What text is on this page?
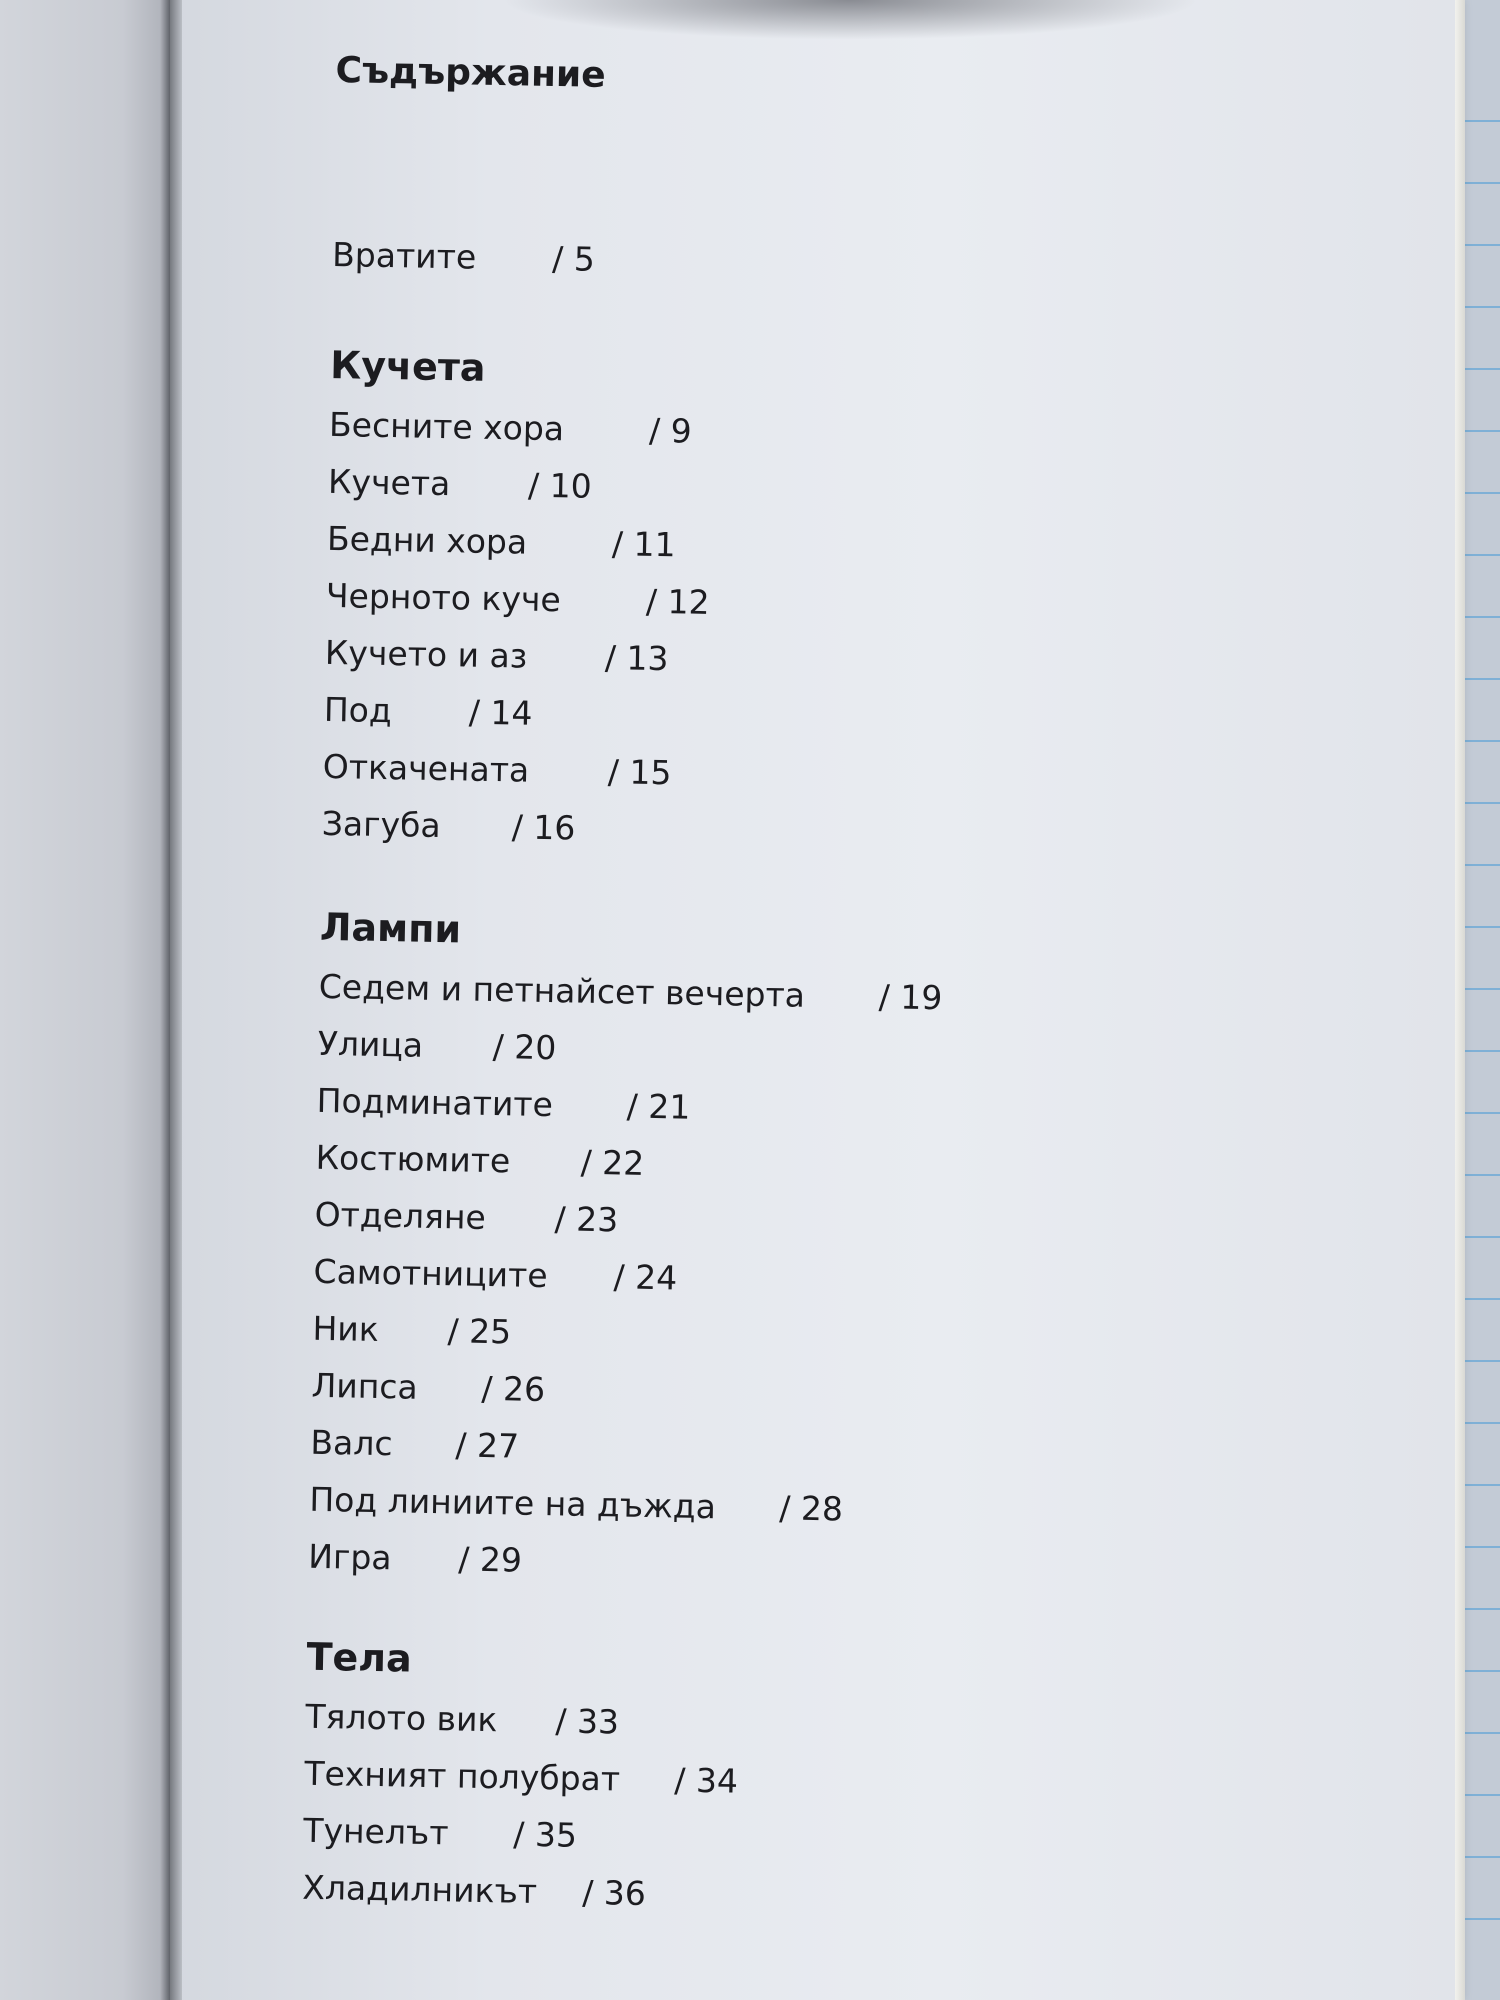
Съдържание
Вратите / 5
Кучета
Бесните хора	/ 9
Кучета / 10
Бедни хора	/ 11
Черното куче	/ 12
Кучето и аз / 13
Под / 14
Откачената / 15
Загуба / 16
Лампи
Седем и петнайсет вечерта / 19
Улица / 20
Подминатите / 21
Костюмите / 22
Отделяне / 23
Самотниците / 24
Ник / 25
Липса / 26
Валс / 27
Под линиите на дъжда / 28
Игра / 29
Тела
Тялото вик / 33
Техният полубрат / 34
Тунелът / 35
Хладилникът / 36
